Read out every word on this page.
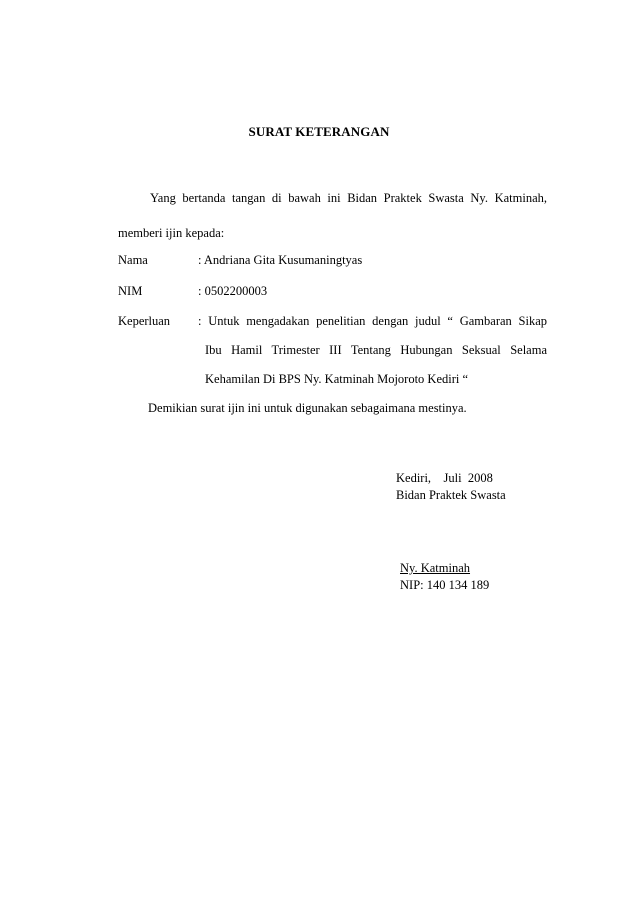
SURAT KETERANGAN
Yang bertanda tangan di bawah ini Bidan Praktek Swasta Ny. Katminah,
memberi ijin kepada:
Nama	: Andriana Gita Kusumaningtyas
NIM	: 0502200003
Keperluan : Untuk mengadakan penelitian dengan judul “ Gambaran Sikap
Ibu Hamil Trimester III Tentang Hubungan Seksual Selama
Kehamilan Di BPS Ny. Katminah Mojoroto Kediri “
Demikian surat ijin ini untuk digunakan sebagaimana mestinya.
Kediri,    Juli  2008
Bidan Praktek Swasta
Ny. Katminah
NIP: 140 134 189
